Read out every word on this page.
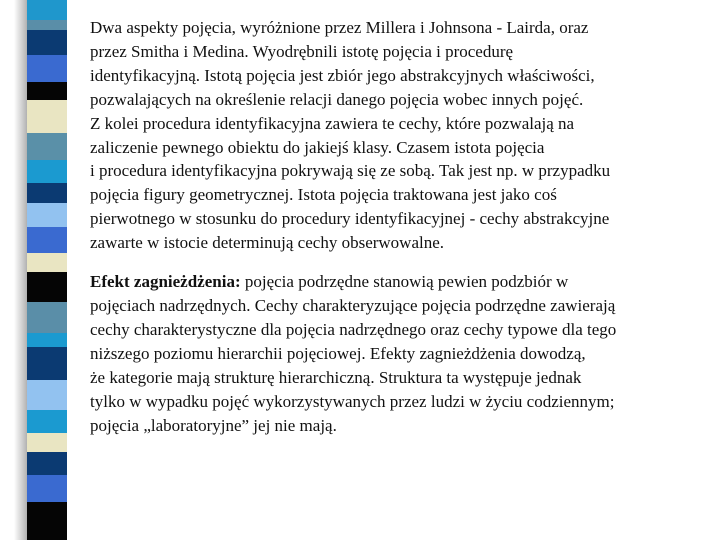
Dwa aspekty pojęcia, wyróżnione przez Millera i Johnsona - Lairda, oraz
przez Smitha i Medina. Wyodrębnili istotę pojęcia i procedurę
identyfikacyjną. Istotą pojęcia jest zbiór jego abstrakcyjnych właściwości,
pozwalających na określenie relacji danego pojęcia wobec innych pojęć.
Z kolei procedura identyfikacyjna zawiera te cechy, które pozwalają na
zaliczenie pewnego obiektu do jakiejś klasy. Czasem istota pojęcia
i procedura identyfikacyjna pokrywają się ze sobą. Tak jest np. w przypadku
pojęcia figury geometrycznej. Istota pojęcia traktowana jest jako coś
pierwotnego w stosunku do procedury identyfikacyjnej - cechy abstrakcyjne
zawarte w istocie determinują cechy obserwowalne.
Efekt zagnieżdżenia: pojęcia podrzędne stanowią pewien podzbiór w
pojęciach nadrzędnych. Cechy charakteryzujące pojęcia podrzędne zawierają
cechy charakterystyczne dla pojęcia nadrzędnego oraz cechy typowe dla tego
niższego poziomu hierarchii pojęciowej. Efekty zagnieżdżenia dowodzą,
że kategorie mają strukturę hierarchiczną. Struktura ta występuje jednak
tylko w wypadku pojęć wykorzystywanych przez ludzi w życiu codziennym;
pojęcia „laboratoryjne” jej nie mają.
